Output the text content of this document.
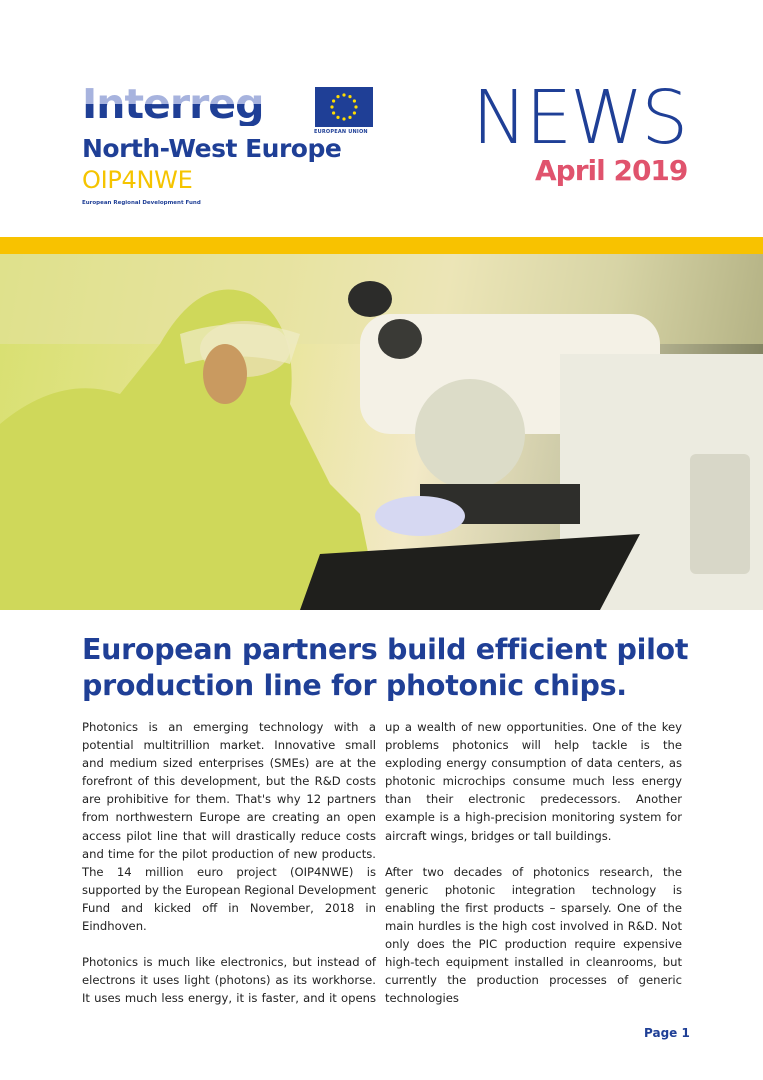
Interreg
EUROPEAN UNION
North-West Europe
OIP4NWE
European Regional Development Fund
NEWS
April 2019
European partners build efficient pilot production line for photonic chips.

Photonics is an emerging technology with a potential multitrillion market. Innovative small and medium sized enterprises (SMEs) are at the forefront of this development, but the R&D costs are prohibitive for them. That's why 12 partners from northwestern Europe are creating an open access pilot line that will drastically reduce costs and time for the pilot production of new products. The 14 million euro project (OIP4NWE) is supported by the European Regional Development Fund and kicked off in November, 2018 in Eindhoven.

Photonics is much like electronics, but instead of electrons it uses light (photons) as its workhorse. It uses much less energy, it is faster, and it opens

up a wealth of new opportunities. One of the key problems photonics will help tackle is the exploding energy consumption of data centers, as photonic microchips consume much less energy than their electronic predecessors. Another example is a high-precision monitoring system for aircraft wings, bridges or tall buildings.

After two decades of photonics research, the generic photonic integration technology is enabling the first products – sparsely. One of the main hurdles is the high cost involved in R&D. Not only does the PIC production require expensive high-tech equipment installed in cleanrooms, but currently the production processes of generic technologies

Page 1
